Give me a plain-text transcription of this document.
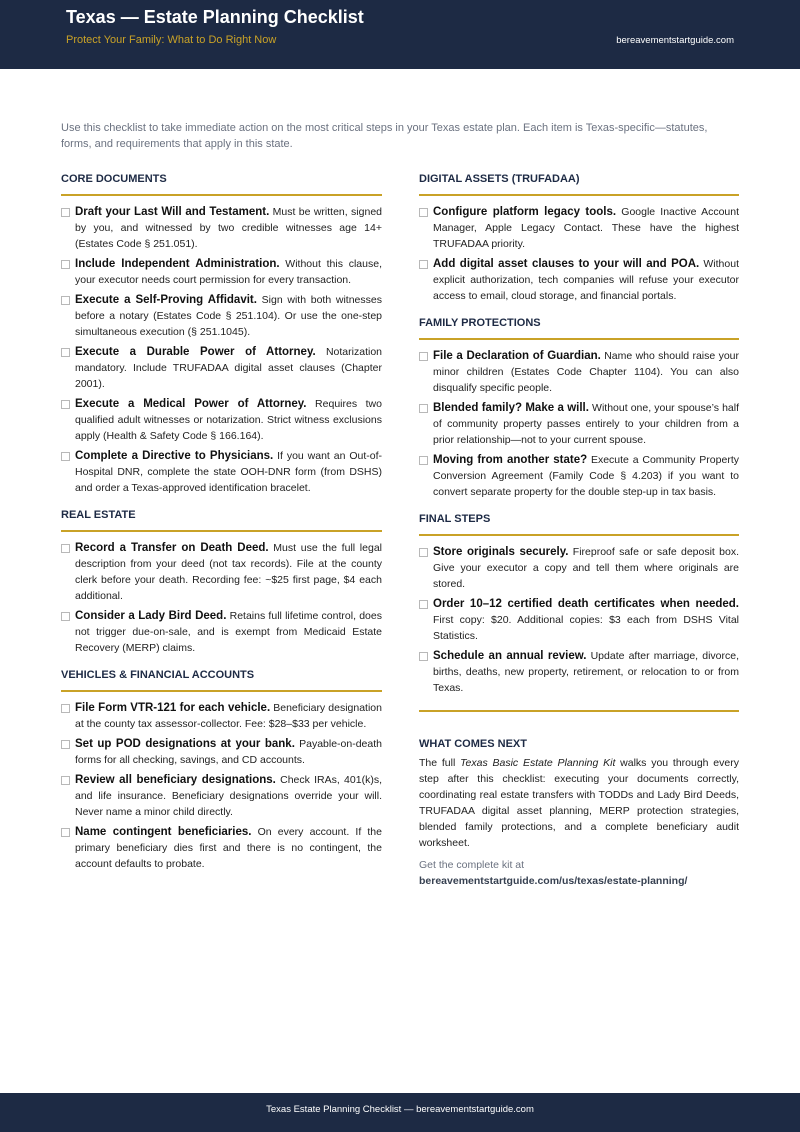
Texas — Estate Planning Checklist
Protect Your Family: What to Do Right Now	bereavementstartguide.com
Use this checklist to take immediate action on the most critical steps in your Texas estate plan. Each item is Texas-specific—statutes, forms, and requirements that apply in this state.
CORE DOCUMENTS
Draft your Last Will and Testament. Must be written, signed by you, and witnessed by two credible witnesses age 14+ (Estates Code § 251.051).
Include Independent Administration. Without this clause, your executor needs court permission for every transaction.
Execute a Self-Proving Affidavit. Sign with both witnesses before a notary (Estates Code § 251.104). Or use the one-step simultaneous execution (§ 251.1045).
Execute a Durable Power of Attorney. Notarization mandatory. Include TRUFADAA digital asset clauses (Chapter 2001).
Execute a Medical Power of Attorney. Requires two qualified adult witnesses or notarization. Strict witness exclusions apply (Health & Safety Code § 166.164).
Complete a Directive to Physicians. If you want an Out-of-Hospital DNR, complete the state OOH-DNR form (from DSHS) and order a Texas-approved identification bracelet.
REAL ESTATE
Record a Transfer on Death Deed. Must use the full legal description from your deed (not tax records). File at the county clerk before your death. Recording fee: ~$25 first page, $4 each additional.
Consider a Lady Bird Deed. Retains full lifetime control, does not trigger due-on-sale, and is exempt from Medicaid Estate Recovery (MERP) claims.
VEHICLES & FINANCIAL ACCOUNTS
File Form VTR-121 for each vehicle. Beneficiary designation at the county tax assessor-collector. Fee: $28–$33 per vehicle.
Set up POD designations at your bank. Payable-on-death forms for all checking, savings, and CD accounts.
Review all beneficiary designations. Check IRAs, 401(k)s, and life insurance. Beneficiary designations override your will. Never name a minor child directly.
Name contingent beneficiaries. On every account. If the primary beneficiary dies first and there is no contingent, the account defaults to probate.
DIGITAL ASSETS (TRUFADAA)
Configure platform legacy tools. Google Inactive Account Manager, Apple Legacy Contact. These have the highest TRUFADAA priority.
Add digital asset clauses to your will and POA. Without explicit authorization, tech companies will refuse your executor access to email, cloud storage, and financial portals.
FAMILY PROTECTIONS
File a Declaration of Guardian. Name who should raise your minor children (Estates Code Chapter 1104). You can also disqualify specific people.
Blended family? Make a will. Without one, your spouse’s half of community property passes entirely to your children from a prior relationship—not to your current spouse.
Moving from another state? Execute a Community Property Conversion Agreement (Family Code § 4.203) if you want to convert separate property for the double step-up in tax basis.
FINAL STEPS
Store originals securely. Fireproof safe or safe deposit box. Give your executor a copy and tell them where originals are stored.
Order 10–12 certified death certificates when needed. First copy: $20. Additional copies: $3 each from DSHS Vital Statistics.
Schedule an annual review. Update after marriage, divorce, births, deaths, new property, retirement, or relocation to or from Texas.
WHAT COMES NEXT
The full Texas Basic Estate Planning Kit walks you through every step after this checklist: executing your documents correctly, coordinating real estate transfers with TODDs and Lady Bird Deeds, TRUFADAA digital asset planning, MERP protection strategies, blended family protections, and a complete beneficiary audit worksheet.
Get the complete kit at
bereavementstartguide.com/us/texas/estate-planning/
Texas Estate Planning Checklist — bereavementstartguide.com
